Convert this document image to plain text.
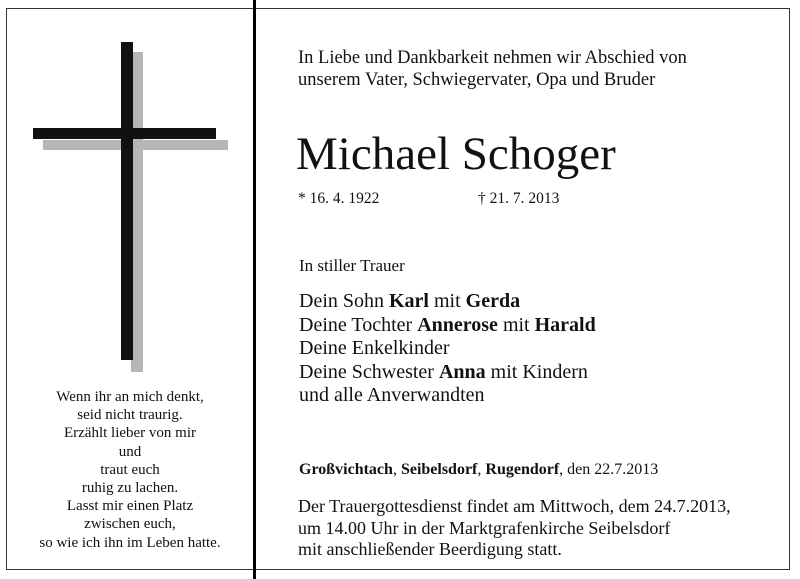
Wenn ihr an mich denkt,
seid nicht traurig.
Erzählt lieber von mir
und
traut euch
ruhig zu lachen.
Lasst mir einen Platz
zwischen euch,
so wie ich ihn im Leben hatte.
In Liebe und Dankbarkeit nehmen wir Abschied von
unserem Vater, Schwiegervater, Opa und Bruder
Michael Schoger
* 16. 4. 1922	† 21. 7. 2013
In stiller Trauer
Dein Sohn Karl mit Gerda
Deine Tochter Annerose mit Harald
Deine Enkelkinder
Deine Schwester Anna mit Kindern
und alle Anverwandten
Großvichtach, Seibelsdorf, Rugendorf, den 22.7.2013
Der Trauergottesdienst findet am Mittwoch, dem 24.7.2013,
um 14.00 Uhr in der Marktgrafenkirche Seibelsdorf
mit anschließender Beerdigung statt.
